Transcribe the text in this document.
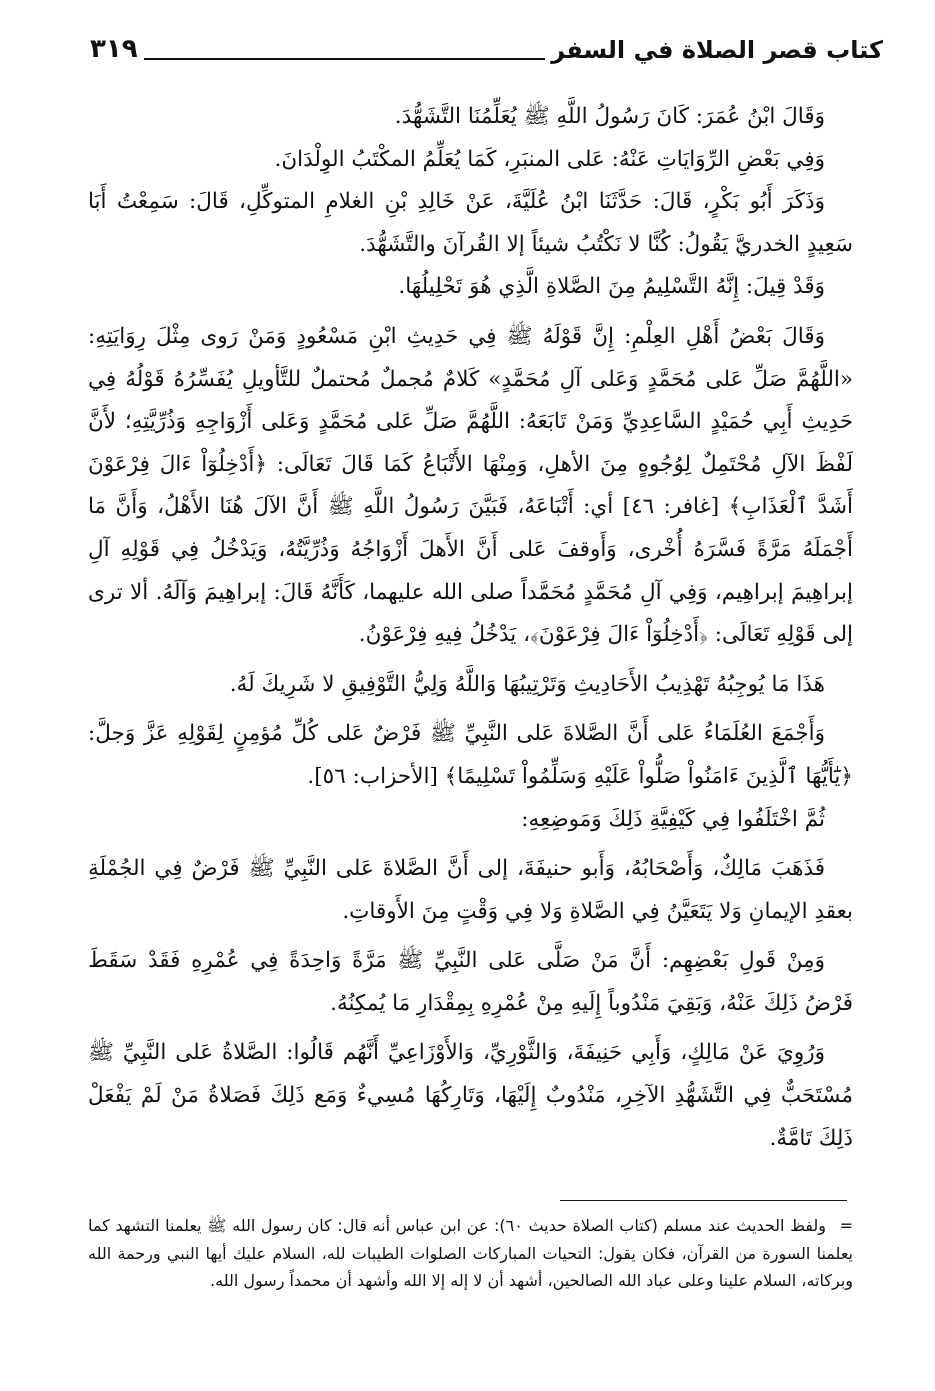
كتاب قصر الصلاة في السفر
٣١٩

وَقَالَ ابْنُ عُمَرَ: كَانَ رَسُولُ اللَّهِ ﷺ يُعَلِّمُنَا التَّشَهُّدَ.

وَفِي بَعْضِ الرِّوَايَاتِ عَنْهُ: عَلى المنبَرِ، كَمَا يُعَلِّمُ المكْتَبُ الوِلْدَانَ.

وَذَكَرَ أَبُو بَكْرٍ، قَالَ: حَدَّثَنَا ابْنُ عُلَيَّةَ، عَنْ خَالِدِ بْنِ الغلامِ المتوكِّلِ، قَالَ: سَمِعْتُ أَبَا سَعِيدٍ الخدريَّ يَقُولُ: كُنَّا لا نَكْتُبُ شيئاً إلا القُرآنَ والتَّشَهُّدَ.

وَقَدْ قِيلَ: إِنَّهُ التَّسْلِيمُ مِنَ الصَّلاةِ الَّذِي هُوَ تَحْلِيلُهَا.

وَقَالَ بَعْضُ أَهْلِ العِلْمِ: إِنَّ قَوْلَهُ ﷺ فِي حَدِيثِ ابْنِ مَسْعُودٍ وَمَنْ رَوى مِثْلَ رِوَايَتِهِ: «اللَّهُمَّ صَلِّ عَلى مُحَمَّدٍ وَعَلى آلِ مُحَمَّدٍ» كَلامٌ مُجملٌ مُحتملٌ للتَّأويلِ يُفَسِّرُهُ قَوْلُهُ فِي حَدِيثِ أَبِي حُمَيْدٍ السَّاعِدِيِّ وَمَنْ تَابَعَهُ: اللَّهُمَّ صَلِّ عَلى مُحَمَّدٍ وَعَلى أَزْوَاجِهِ وَذُرِّيَّتِهِ؛ لأَنَّ لَفْظَ الآلِ مُحْتَمِلٌ لِوُجُوهٍ مِنَ الأهلِ، وَمِنْهَا الأَتْبَاعُ كَمَا قَالَ تَعَالَى: ﴿أَدْخِلُوٓاْ ءَالَ فِرْعَوْنَ أَشَدَّ ٱلْعَذَابِ﴾ [غافر: ٤٦] أي: أَتْبَاعَهُ، فَبَيَّنَ رَسُولُ اللَّهِ ﷺ أَنَّ الآلَ هُنَا الأَهْلُ، وَأَنَّ مَا أَجْمَلَهُ مَرَّةً فَسَّرَهُ أُخْرى، وَأَوقفَ عَلى أَنَّ الأَهلَ أَزْوَاجُهُ وَذُرِّيَّتُهُ، وَيَدْخُلُ فِي قَوْلِهِ آلِ إبراهِيمَ إبراهِيم، وَفِي آلِ مُحَمَّدٍ مُحَمَّداً صلى الله عليهما، كَأَنَّهُ قَالَ: إبراهِيمَ وَآلَهُ. ألا ترى إلى قَوْلِهِ تَعَالَى: ﴿أَدْخِلُوٓاْ ءَالَ فِرْعَوْنَ﴾، يَدْخُلُ فِيهِ فِرْعَوْنُ.

هَذَا مَا يُوجِبُهُ تَهْذِيبُ الأَحَادِيثِ وَتَرْتِيبُهَا وَاللَّهُ وَلِيُّ التَّوْفِيقِ لا شَرِيكَ لَهُ.

وَأَجْمَعَ العُلَمَاءُ عَلى أَنَّ الصَّلاةَ عَلى النَّبِيِّ ﷺ فَرْضٌ عَلى كُلِّ مُؤمِنٍ لِقَوْلِهِ عَزَّ وَجلَّ: ﴿يَٰٓأَيُّهَا ٱلَّذِينَ ءَامَنُواْ صَلُّواْ عَلَيْهِ وَسَلِّمُواْ تَسْلِيمًا﴾ [الأحزاب: ٥٦].

ثُمَّ اخْتَلَفُوا فِي كَيْفِيَّةِ ذَلِكَ وَمَوضِعِهِ:

فَذَهَبَ مَالِكٌ، وَأَصْحَابُهُ، وَأَبو حنيفَةَ، إلى أَنَّ الصَّلاةَ عَلى النَّبِيِّ ﷺ فَرْضٌ فِي الجُمْلَةِ بعقدِ الإيمانِ وَلا يَتَعَيَّنُ فِي الصَّلاةِ وَلا فِي وَقْتٍ مِنَ الأَوقاتِ.

وَمِنْ قَولِ بَعْضِهِم: أَنَّ مَنْ صَلَّى عَلى النَّبِيِّ ﷺ مَرَّةً وَاحِدَةً فِي عُمْرِهِ فَقَدْ سَقَطَ فَرْضُ ذَلِكَ عَنْهُ، وَبَقِيَ مَنْدُوباً إِلَيهِ مِنْ عُمْرِهِ بِمِقْدَارِ مَا يُمكِنُهُ.

وَرُوِيَ عَنْ مَالِكٍ، وَأَبِي حَنِيفَةَ، وَالثَّوْرِيِّ، وَالأَوْزَاعِيِّ أَنَّهُم قَالُوا: الصَّلاةُ عَلى النَّبِيِّ ﷺ مُسْتَحَبٌّ فِي التَّشَهُّدِ الآخِرِ، مَنْدُوبٌ إِلَيْهَا، وَتَارِكُهَا مُسِيءٌ وَمَع ذَلِكَ فَصَلاةُ مَنْ لَمْ يَفْعَلْ ذَلِكَ تَامَّةٌ.

= ولفظ الحديث عند مسلم (كتاب الصلاة حديث ٦٠): عن ابن عباس أنه قال: كان رسول الله ﷺ يعلمنا التشهد كما يعلمنا السورة من القرآن، فكان يقول: التحيات المباركات الصلوات الطيبات لله، السلام عليك أيها النبي ورحمة الله وبركاته، السلام علينا وعلى عباد الله الصالحين، أشهد أن لا إله إلا الله وأشهد أن محمداً رسول الله.
